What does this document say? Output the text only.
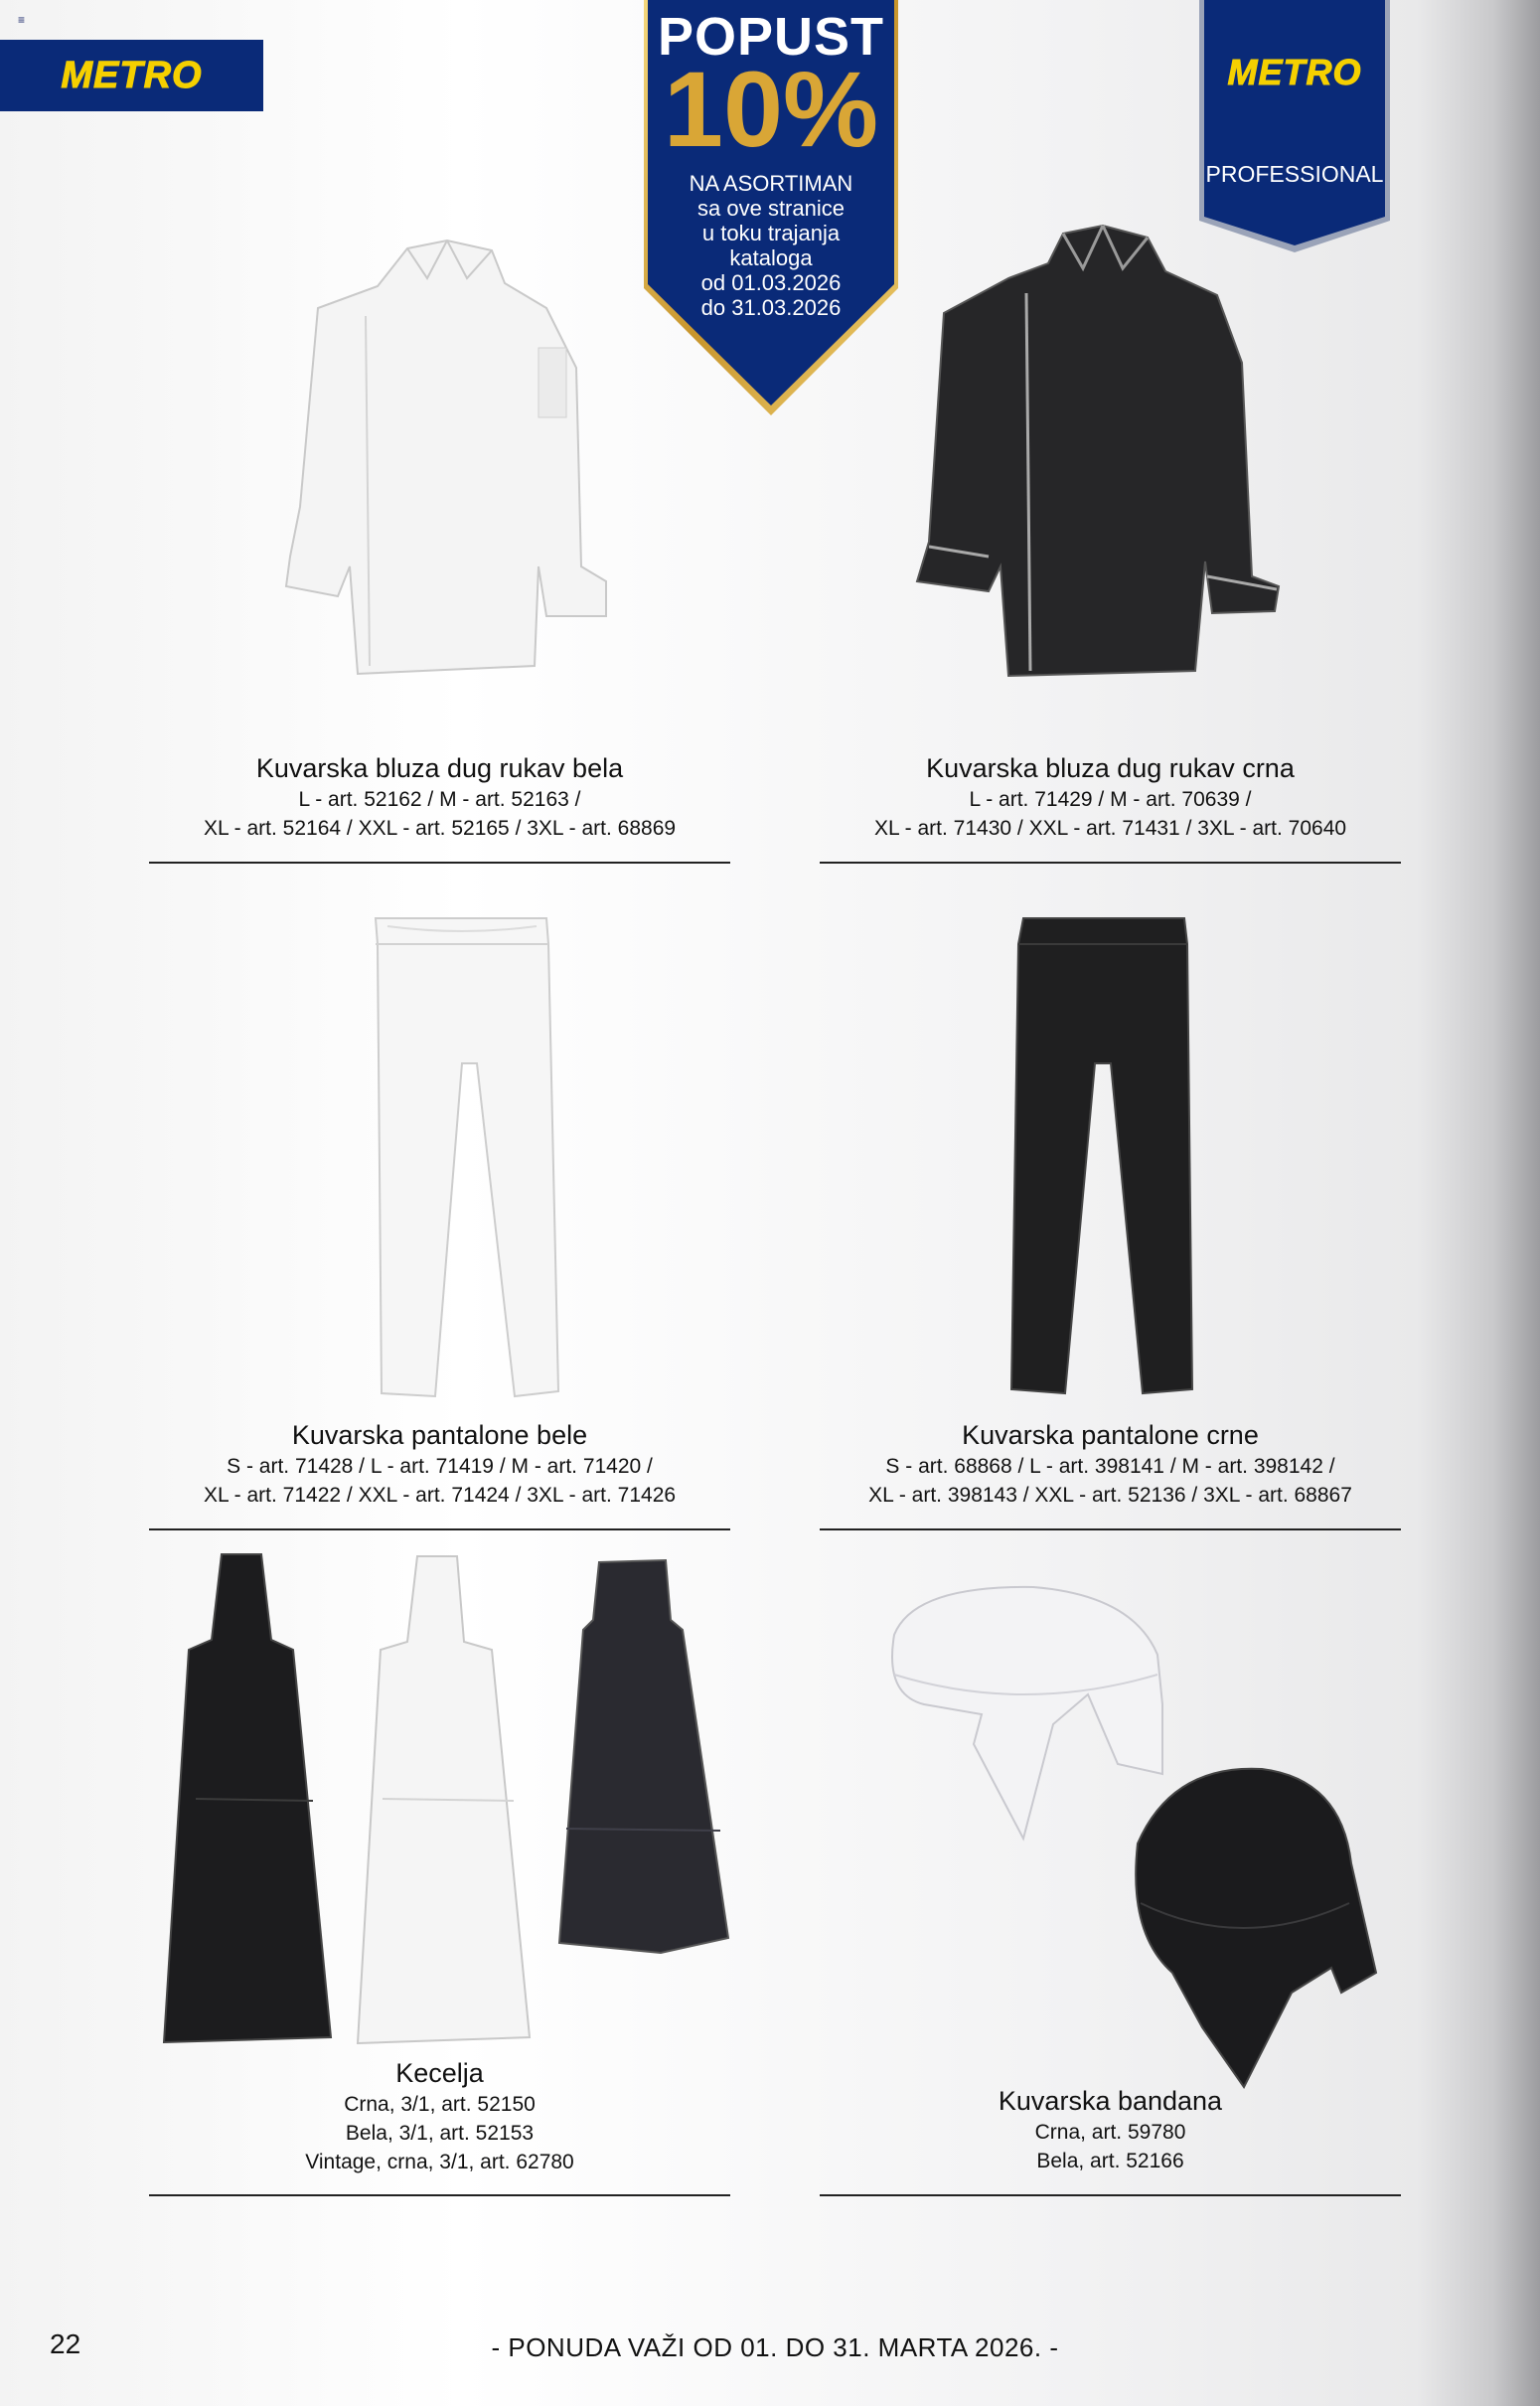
≡
METRO
POPUST
10%
NA ASORTIMAN
sa ove stranice
u toku trajanja
kataloga
od 01.03.2026
do 31.03.2026
METRO
PROFESSIONAL
Kuvarska bluza dug rukav bela
L - art. 52162 / M - art. 52163 /
XL - art. 52164 / XXL - art. 52165 / 3XL - art. 68869
Kuvarska bluza dug rukav crna
L - art. 71429 / M - art. 70639 /
XL - art. 71430 / XXL - art. 71431 / 3XL - art. 70640
Kuvarska pantalone bele
S - art. 71428 / L - art. 71419 / M - art. 71420 /
XL - art. 71422 / XXL - art. 71424 / 3XL - art. 71426
Kuvarska pantalone crne
S - art. 68868 / L - art. 398141 / M - art. 398142 /
XL - art. 398143 / XXL - art. 52136 / 3XL - art. 68867
Kecelja
Crna, 3/1, art. 52150
Bela, 3/1, art. 52153
Vintage, crna, 3/1, art. 62780
Kuvarska bandana
Crna, art. 59780
Bela, art. 52166
22	- PONUDA VAŽI OD 01. DO 31. MARTA 2026. -
